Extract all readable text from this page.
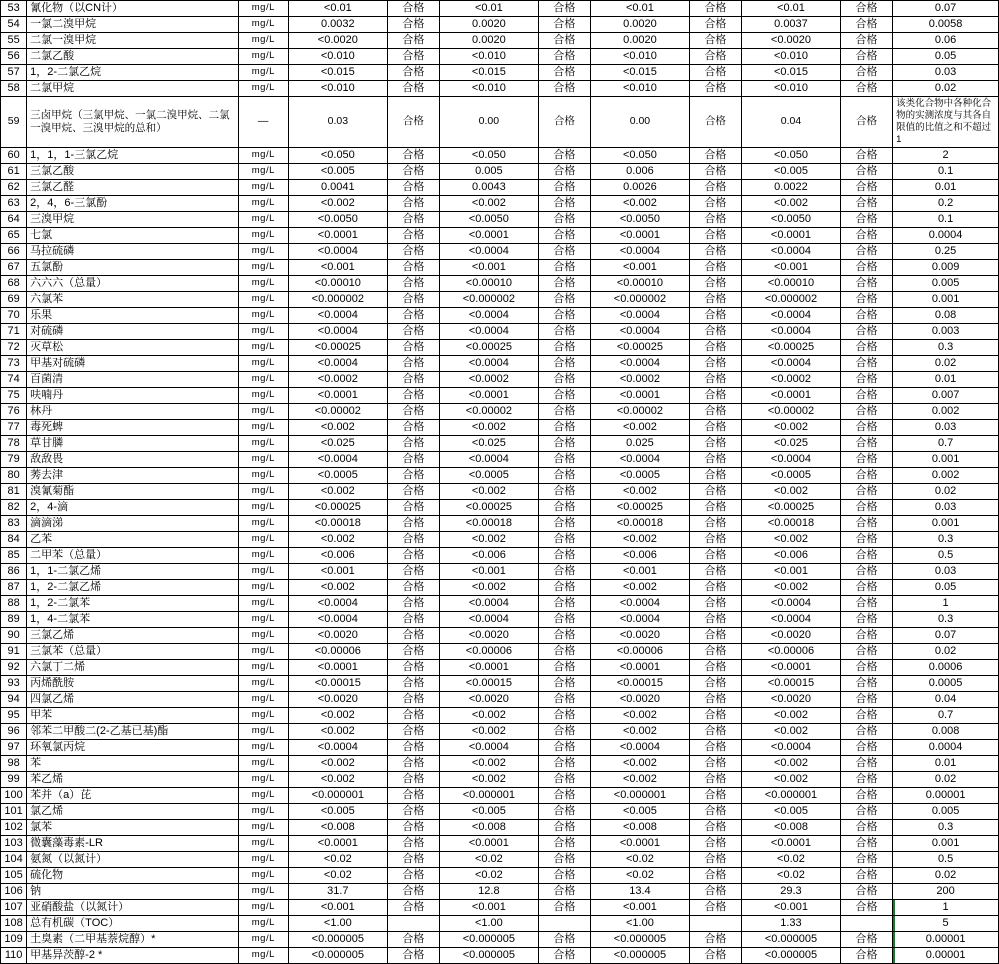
53	氰化物（以CN计）	mg/L	<0.01	合格	<0.01	合格	<0.01	合格	<0.01	合格	0.07
54	一氯二溴甲烷	mg/L	0.0032	合格	0.0020	合格	0.0020	合格	0.0037	合格	0.0058
55	二氯一溴甲烷	mg/L	<0.0020	合格	0.0020	合格	0.0020	合格	<0.0020	合格	0.06
56	二氯乙酸	mg/L	<0.010	合格	<0.010	合格	<0.010	合格	<0.010	合格	0.05
57	1，2-二氯乙烷	mg/L	<0.015	合格	<0.015	合格	<0.015	合格	<0.015	合格	0.03
58	二氯甲烷	mg/L	<0.010	合格	<0.010	合格	<0.010	合格	<0.010	合格	0.02
59	三卤甲烷（三氯甲烷、一氯二溴甲烷、二氯一溴甲烷、三溴甲烷的总和）	—	0.03	合格	0.00	合格	0.00	合格	0.04	合格	该类化合物中各种化合物的实测浓度与其各自限值的比值之和不超过1
60	1，1，1-三氯乙烷	mg/L	<0.050	合格	<0.050	合格	<0.050	合格	<0.050	合格	2
61	三氯乙酸	mg/L	<0.005	合格	0.005	合格	0.006	合格	<0.005	合格	0.1
62	三氯乙醛	mg/L	0.0041	合格	0.0043	合格	0.0026	合格	0.0022	合格	0.01
63	2，4，6-三氯酚	mg/L	<0.002	合格	<0.002	合格	<0.002	合格	<0.002	合格	0.2
64	三溴甲烷	mg/L	<0.0050	合格	<0.0050	合格	<0.0050	合格	<0.0050	合格	0.1
65	七氯	mg/L	<0.0001	合格	<0.0001	合格	<0.0001	合格	<0.0001	合格	0.0004
66	马拉硫磷	mg/L	<0.0004	合格	<0.0004	合格	<0.0004	合格	<0.0004	合格	0.25
67	五氯酚	mg/L	<0.001	合格	<0.001	合格	<0.001	合格	<0.001	合格	0.009
68	六六六（总量）	mg/L	<0.00010	合格	<0.00010	合格	<0.00010	合格	<0.00010	合格	0.005
69	六氯苯	mg/L	<0.000002	合格	<0.000002	合格	<0.000002	合格	<0.000002	合格	0.001
70	乐果	mg/L	<0.0004	合格	<0.0004	合格	<0.0004	合格	<0.0004	合格	0.08
71	对硫磷	mg/L	<0.0004	合格	<0.0004	合格	<0.0004	合格	<0.0004	合格	0.003
72	灭草松	mg/L	<0.00025	合格	<0.00025	合格	<0.00025	合格	<0.00025	合格	0.3
73	甲基对硫磷	mg/L	<0.0004	合格	<0.0004	合格	<0.0004	合格	<0.0004	合格	0.02
74	百菌清	mg/L	<0.0002	合格	<0.0002	合格	<0.0002	合格	<0.0002	合格	0.01
75	呋喃丹	mg/L	<0.0001	合格	<0.0001	合格	<0.0001	合格	<0.0001	合格	0.007
76	林丹	mg/L	<0.00002	合格	<0.00002	合格	<0.00002	合格	<0.00002	合格	0.002
77	毒死蜱	mg/L	<0.002	合格	<0.002	合格	<0.002	合格	<0.002	合格	0.03
78	草甘膦	mg/L	<0.025	合格	<0.025	合格	0.025	合格	<0.025	合格	0.7
79	敌敌畏	mg/L	<0.0004	合格	<0.0004	合格	<0.0004	合格	<0.0004	合格	0.001
80	莠去津	mg/L	<0.0005	合格	<0.0005	合格	<0.0005	合格	<0.0005	合格	0.002
81	溴氰菊酯	mg/L	<0.002	合格	<0.002	合格	<0.002	合格	<0.002	合格	0.02
82	2，4-滴	mg/L	<0.00025	合格	<0.00025	合格	<0.00025	合格	<0.00025	合格	0.03
83	滴滴涕	mg/L	<0.00018	合格	<0.00018	合格	<0.00018	合格	<0.00018	合格	0.001
84	乙苯	mg/L	<0.002	合格	<0.002	合格	<0.002	合格	<0.002	合格	0.3
85	二甲苯（总量）	mg/L	<0.006	合格	<0.006	合格	<0.006	合格	<0.006	合格	0.5
86	1，1-二氯乙烯	mg/L	<0.001	合格	<0.001	合格	<0.001	合格	<0.001	合格	0.03
87	1，2-二氯乙烯	mg/L	<0.002	合格	<0.002	合格	<0.002	合格	<0.002	合格	0.05
88	1，2-二氯苯	mg/L	<0.0004	合格	<0.0004	合格	<0.0004	合格	<0.0004	合格	1
89	1，4-二氯苯	mg/L	<0.0004	合格	<0.0004	合格	<0.0004	合格	<0.0004	合格	0.3
90	三氯乙烯	mg/L	<0.0020	合格	<0.0020	合格	<0.0020	合格	<0.0020	合格	0.07
91	三氯苯（总量）	mg/L	<0.00006	合格	<0.00006	合格	<0.00006	合格	<0.00006	合格	0.02
92	六氯丁二烯	mg/L	<0.0001	合格	<0.0001	合格	<0.0001	合格	<0.0001	合格	0.0006
93	丙烯酰胺	mg/L	<0.00015	合格	<0.00015	合格	<0.00015	合格	<0.00015	合格	0.0005
94	四氯乙烯	mg/L	<0.0020	合格	<0.0020	合格	<0.0020	合格	<0.0020	合格	0.04
95	甲苯	mg/L	<0.002	合格	<0.002	合格	<0.002	合格	<0.002	合格	0.7
96	邻苯二甲酸二(2-乙基已基)酯	mg/L	<0.002	合格	<0.002	合格	<0.002	合格	<0.002	合格	0.008
97	环氧氯丙烷	mg/L	<0.0004	合格	<0.0004	合格	<0.0004	合格	<0.0004	合格	0.0004
98	苯	mg/L	<0.002	合格	<0.002	合格	<0.002	合格	<0.002	合格	0.01
99	苯乙烯	mg/L	<0.002	合格	<0.002	合格	<0.002	合格	<0.002	合格	0.02
100	苯并（a）芘	mg/L	<0.000001	合格	<0.000001	合格	<0.000001	合格	<0.000001	合格	0.00001
101	氯乙烯	mg/L	<0.005	合格	<0.005	合格	<0.005	合格	<0.005	合格	0.005
102	氯苯	mg/L	<0.008	合格	<0.008	合格	<0.008	合格	<0.008	合格	0.3
103	微囊藻毒素-LR	mg/L	<0.0001	合格	<0.0001	合格	<0.0001	合格	<0.0001	合格	0.001
104	氨氮（以氮计）	mg/L	<0.02	合格	<0.02	合格	<0.02	合格	<0.02	合格	0.5
105	硫化物	mg/L	<0.02	合格	<0.02	合格	<0.02	合格	<0.02	合格	0.02
106	钠	mg/L	31.7	合格	12.8	合格	13.4	合格	29.3	合格	200
107	亚硝酸盐（以氮计）	mg/L	<0.001	合格	<0.001	合格	<0.001	合格	<0.001	合格	1
108	总有机碳（TOC）	mg/L	<1.00		<1.00		<1.00		1.33		5
109	土臭素（二甲基萘烷醇）*	mg/L	<0.000005	合格	<0.000005	合格	<0.000005	合格	<0.000005	合格	0.00001
110	甲基异茨醇-2 *	mg/L	<0.000005	合格	<0.000005	合格	<0.000005	合格	<0.000005	合格	0.00001
